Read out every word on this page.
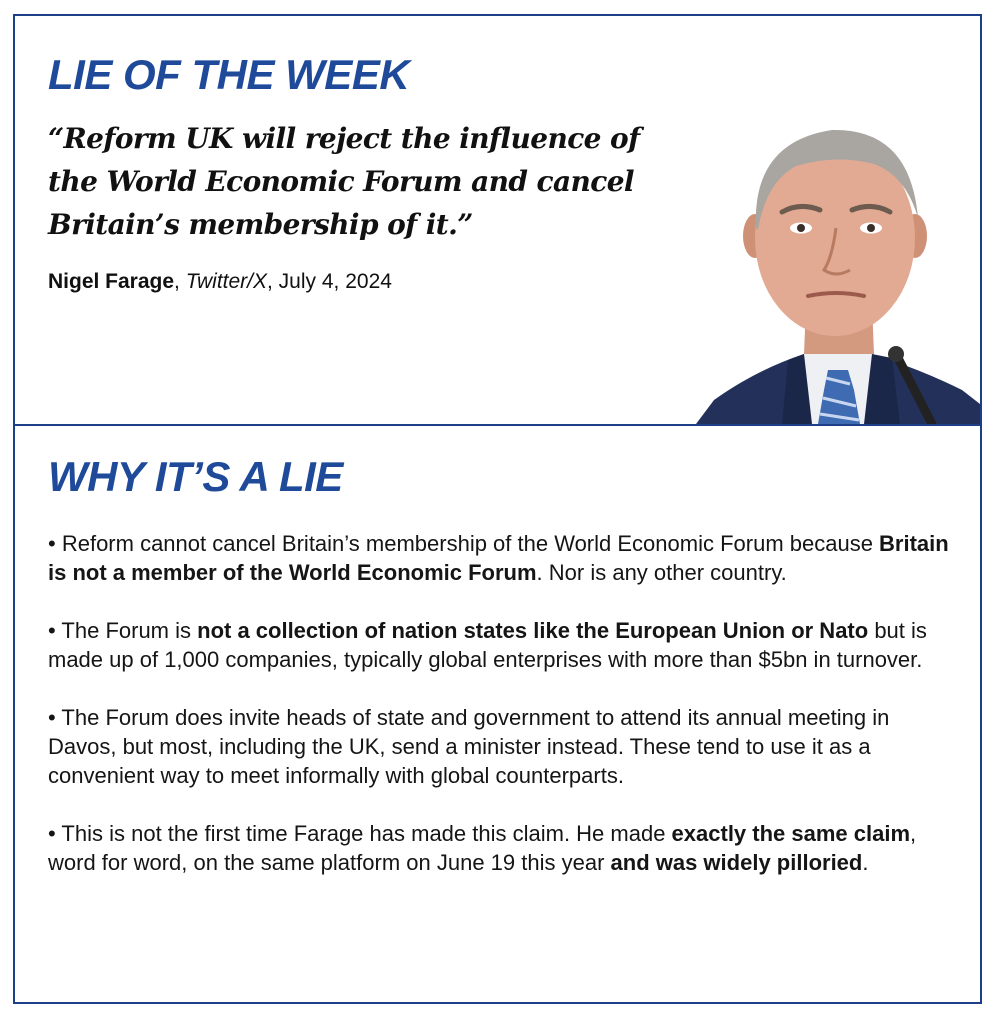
LIE OF THE WEEK

“Reform UK will reject the influence of the World Economic Forum and cancel Britain’s membership of it.”

Nigel Farage, Twitter/X, July 4, 2024

WHY IT’S A LIE
• Reform cannot cancel Britain’s membership of the World Economic Forum because Britain is not a member of the World Economic Forum. Nor is any other country.
• The Forum is not a collection of nation states like the European Union or Nato but is made up of 1,000 companies, typically global enterprises with more than $5bn in turnover.
• The Forum does invite heads of state and government to attend its annual meeting in Davos, but most, including the UK, send a minister instead. These tend to use it as a convenient way to meet informally with global counterparts.
• This is not the first time Farage has made this claim. He made exactly the same claim, word for word, on the same platform on June 19 this year and was widely pilloried.
